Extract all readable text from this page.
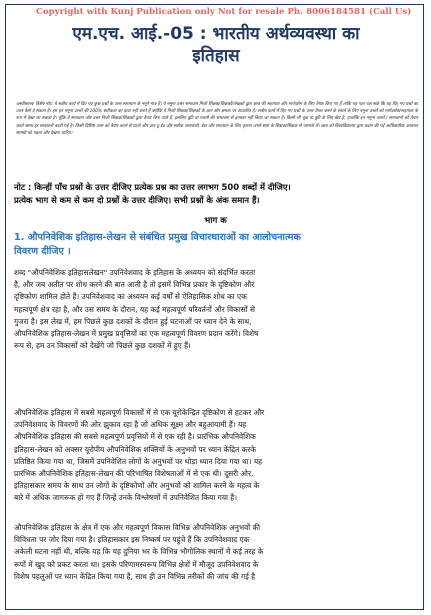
Copyright with Kunj Publication only Not for resale Ph. 8006184581 (Call Us)
एम.एच. आई.-05 : भारतीय अर्थव्यवस्था का
इतिहास
अस्वीकरण/ विशेष नोट: ये सत्रीय कार्य में दिए गए कुछ प्रश्नों के उत्तर समाधान के नमूने मात्र हैं। ये नमूना उत्तर समाधान निजी शिक्षक/शिक्षकों/लेखकों द्वारा छात्र की सहायता और मार्गदर्शन के लिए तैयार किए गए हैं ताकि यह पता चल सके कि वह दिए गए प्रश्नों का उत्तर कैसे दे सकता है। हम इन नमूना उत्तरों की 100% सटीकता का दावा नहीं करते हैं क्योंकि ये निजी शिक्षक/शिक्षकों के ज्ञान और क्षमता पर आधारित हैं। सत्रीय कार्य में दिए गए प्रश्नों के उत्तर तैयार करने के संदर्भ के लिए नमूना उत्तरों को मार्गदर्शक/सहायता के रूप में देखा जा सकता है। चूँकि ये समाधान और उत्तर निजी शिक्षक/शिक्षकों द्वारा तैयार किए जाते हैं, इसलिए त्रुटि या गलती की संभावना से इनकार नहीं किया जा सकता है। किसी भी चूक या त्रुटि के लिए खेद है, हालाँकि इन नमूना उत्तरों / समाधानों को तैयार करते समय हर सावधानी बरती गई है। किसी विशिष्ट उत्तर को तैयार करने से पहले और अप-टू-डेट और सटीक जानकारी, डेटा और समाधान के लिए कृपया अपने स्वयं के शिक्षक/शिक्षक से परामर्श लें। छात्र को विश्वविद्यालय द्वारा प्रदान की गई आधिकारिक अध्ययन सामग्री को पढ़ना और देखना चाहिए।
नोट : किन्हीं पाँच प्रश्नों के उत्तर दीजिए प्रत्येक प्रश्न का उत्तर लगभग 500 शब्दों में दीजिए।
प्रत्येक भाग से कम से कम दो प्रश्नों के उत्तर दीजिए। सभी प्रश्नों के अंक समान हैं।
भाग क
1. औपनिवेशिक इतिहास-लेखन से संबंधित प्रमुख विचारधाराओं का आलोचनात्मक
विवरण दीजिए ।
शब्द "औपनिवेशिक इतिहासलेखन" उपनिवेशवाद के इतिहास के अध्ययन को संदर्भित करता
है, और जब अतीत पर शोध करने की बात आती है तो इसमें विभिन्न प्रकार के दृष्टिकोण और
दृष्टिकोण शामिल होते हैं। उपनिवेशवाद का अध्ययन कई वर्षों से ऐतिहासिक शोध का एक
महत्वपूर्ण क्षेत्र रहा है, और उस समय के दौरान, यह कई महत्वपूर्ण परिवर्तनों और विकासों से
गुजरा है। इस लेख में, हम पिछले कुछ दशकों के दौरान हुई घटनाओं पर ध्यान देने के साथ,
औपनिवेशिक इतिहास-लेखन में प्रमुख प्रवृत्तियों का एक महत्वपूर्ण विवरण प्रदान करेंगे। विशेष
रूप से, हम उन विकासों को देखेंगे जो पिछले कुछ दशकों में हुए हैं।
औपनिवेशिक इतिहास में सबसे महत्वपूर्ण विकासों में से एक यूरोकेन्द्रित दृष्टिकोण से हटकर और
उपनिवेशवाद के विवरणों की ओर झुकाव रहा है जो अधिक सूक्ष्म और बहुआयामी हैं। यह
औपनिवेशिक इतिहास की सबसे महत्वपूर्ण प्रवृत्तियों में से एक रही है। प्रारंभिक औपनिवेशिक
इतिहास-लेखन को अक्सर यूरोपीय औपनिवेशिक शक्तियों के अनुभवों पर ध्यान केंद्रित करके
प्रतिष्ठित किया गया था, जिसमें उपनिवेशित लोगों के अनुभवों पर थोड़ा ध्यान दिया गया था। यह
प्रारंभिक औपनिवेशिक इतिहास-लेखन की परिभाषित विशेषताओं में से एक थी। दूसरी ओर,
इतिहासकार समय के साथ उन लोगों के दृष्टिकोणों और अनुभवों को शामिल करने के महत्व के
बारे में अधिक जागरूक हो गए हैं जिन्हें उनके विश्लेषणों में उपनिवेशित किया गया है।
औपनिवेशिक इतिहास के क्षेत्र में एक और महत्वपूर्ण विकास विभिन्न औपनिवेशिक अनुभवों की
विविधता पर जोर दिया गया है। इतिहासकार इस निष्कर्ष पर पहुंचे हैं कि उपनिवेशवाद एक
अकेली घटना नहीं थी, बल्कि यह कि यह दुनिया भर के विभिन्न भौगोलिक स्थानों में कई तरह के
रूपों में खुद को प्रकट करता था। इसके परिणामस्वरूप विभिन्न क्षेत्रों में मौजूद उपनिवेशवाद के
विशेष पहलुओं पर ध्यान केंद्रित किया गया है, साथ ही उन विभिन्न तरीकों की जांच की गई है
